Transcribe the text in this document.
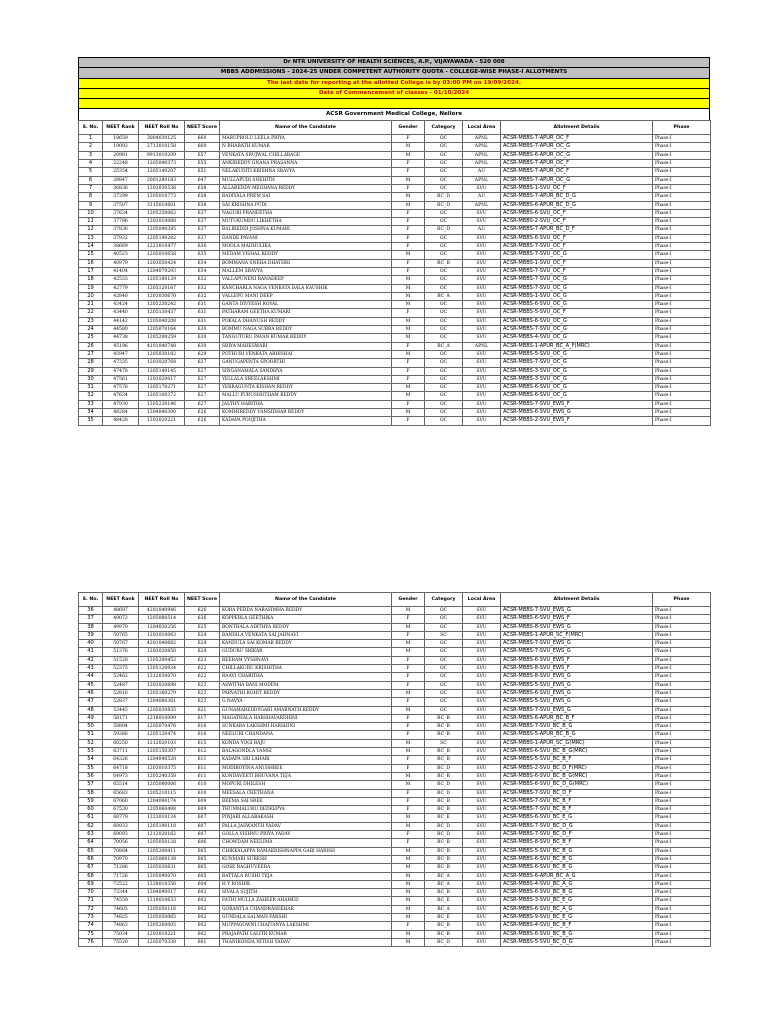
Dr NTR UNIVERSITY OF HEALTH SCIENCES, A.P., VIJAYAWADA - 520 008
MBBS ADDMISSIONS - 2024-25 UNDER COMPETENT AUTHORITY QUOTA - COLLEGE-WISE PHASE-I ALLOTMENTS
The last date for reporting at the allotted College is by 03:00 PM on 19/09/2024.
Date of Commencement of classes - 01/10/2024
ACSR Government Medical College, Nellore
S. No.	NEET Rank	NEET Roll No	NEET Score	Name of the Candidate	Gender	Category	Local Area	Allotment Details	Phase
1	18659	3004030125	660	MARUPROLU LEELA PRIYA	F	OC	APNL	ACSR-MBBS-7-APUR_OC_F	Phase-I
2	19092	2712010158	660	N BHARATH KUMAR	M	OC	APNL	ACSR-MBBS-7-APUR_OC_G	Phase-I
3	20981	9913010209	657	VENKATA SRUJWAL CHILLARAGE	M	OC	APNL	ACSR-MBBS-6-APUR_OC_G	Phase-I
4	22248	1205040373	655	ANKIREDDY GNANA PRASANNA	F	OC	APNL	ACSR-MBBS-7-APUR_OC_F	Phase-I
5	25354	1205140207	651	NELAKUDITI KRISHNA SRAVYA	F	OC	AU	ACSR-MBBS-7-APUR_OC_F	Phase-I
6	28847	2001280183	647	MULLAPUDI SNEHITH	M	OC	APNL	ACSR-MBBS-7-APUR_OC_G	Phase-I
7	36836	1203030536	638	ALLAREDDY MEGHANA REDDY	F	OC	SVU	ACSR-MBBS-1-SVU_OC_F	Phase-I
8	37299	1205010773	638	BADIYALA PREM SAI	M	BC_D	AU	ACSR-MBBS-7-APUR_BC_D_G	Phase-I
9	37507	3115010601	638	SAI KRISHNA PUDI	M	BC_D	APNL	ACSR-MBBS-6-APUR_BC_D_G	Phase-I
10	37634	1205250062	637	NAGURI PRANEETHA	F	OC	SVU	ACSR-MBBS-6-SVU_OC_F	Phase-I
11	37796	1203010088	637	MUTUKUMDU LIKHETHA	F	OC	SVU	ACSR-MBBS-2-SVU_OC_F	Phase-I
12	37836	1205040385	637	BALIREDDI JOSHNA KUMARI	F	BC_D	AU	ACSR-MBBS-7-APUR_BC_D_F	Phase-I
13	37932	1205190282	637	DANDE PAVANI	F	OC	SVU	ACSR-MBBS-6-SVU_OC_F	Phase-I
14	38669	1223010477	636	MOOLA MADHULIKA	F	OC	SVU	ACSR-MBBS-7-SVU_OC_F	Phase-I
15	40523	1205010658	635	MEDAM VISHAL REDDY	M	OC	SVU	ACSR-MBBS-7-SVU_OC_G	Phase-I
16	40979	1203050424	634	BOMMANA SNEHA DHATHRI	F	BC_B	SVU	ACSR-MBBS-1-SVU_OC_F	Phase-I
17	41404	1204070293	634	MALLEM SRAVYA	F	OC	SVU	ACSR-MBBS-7-SVU_OC_F	Phase-I
18	42533	1205180129	632	VALLAPUNENI RANADEEP	M	OC	SVU	ACSR-MBBS-7-SVU_OC_G	Phase-I
19	42779	1205120167	632	KANCHARLA NAGA VENKATA BALA KAUSHIK	M	OC	SVU	ACSR-MBBS-7-SVU_OC_G	Phase-I
20	42840	1203030670	632	VALLEPU MANI DEEP	M	BC_A	SVU	ACSR-MBBS-1-SVU_OC_G	Phase-I
21	43424	1205230242	631	GANTA DIVYESH ROYAL	M	OC	SVU	ACSR-MBBS-6-SVU_OC_G	Phase-I
22	43440	1205130437	631	PATHARAM GEETHA KUMARI	F	OC	SVU	ACSR-MBBS-5-SVU_OC_F	Phase-I
23	44142	1205040208	631	POKALA DHANUSH REDDY	M	OC	SVU	ACSR-MBBS-6-SVU_OC_G	Phase-I
24	44580	1205070164	630	BOMMU NAGA SUBBA REDDY	M	OC	SVU	ACSR-MBBS-7-SVU_OC_G	Phase-I
25	44738	1205200259	630	TANGUTURU PAVAN KUMAR REDDY	M	OC	SVU	ACSR-MBBS-4-SVU_OC_G	Phase-I
26	45196	4101040748	630	SRIYA MAHESWARI	F	BC_A	APNL	ACSR-MBBS-1-APUR_BC_A_F(MRC)	Phase-I
27	45947	1205030182	629	POTHURI VENKATA ABHISHAI	M	OC	SVU	ACSR-MBBS-5-SVU_OC_G	Phase-I
28	47335	1203020768	627	GANUGAPENTA SPOORTHI	F	OC	SVU	ACSR-MBBS-7-SVU_OC_G	Phase-I
29	47478	1205140145	627	SINGANAMALA SANDHYA	F	OC	SVU	ACSR-MBBS-3-SVU_OC_G	Phase-I
30	47561	1203020017	627	YELLALA SREELAKSHMI	F	OC	SVU	ACSR-MBBS-3-SVU_OC_G	Phase-I
31	47576	1205170271	627	YERRAGUNTA KISHAN REDDY	M	OC	SVU	ACSR-MBBS-6-SVU_OC_G	Phase-I
32	47634	1205100372	627	MALLU PURUSHOTHAM REDDY	M	OC	SVU	ACSR-MBBS-6-SVU_OC_G	Phase-I
33	47930	1205230146	627	JASTHY HARITHA	F	OC	SVU	ACSR-MBBS-7-SVU_EWS_F	Phase-I
34	48284	1204040300	626	KOMMIREDDY VAMSIDHAR REDDY	M	OC	SVU	ACSR-MBBS-6-SVU_EWS_G	Phase-I
35	48428	1203020221	626	KADAPA POOJITHA	F	OC	SVU	ACSR-MBBS-2-SVU_EWS_F	Phase-I
S. No.	NEET Rank	NEET Roll No	NEET Score	Name of the Candidate	Gender	Category	Local Area	Allotment Details	Phase
36	48697	4201040946	626	KORA PEDDA NARASIMHA REDDY	M	OC	SVU	ACSR-MBBS-7-SVU_EWS_G	Phase-I
37	49072	1205080514	626	KOPPERLA GEETHIKA	F	OC	SVU	ACSR-MBBS-6-SVU_EWS_F	Phase-I
38	49979	1204030256	625	BONTHALA ADITHYA REDDY	M	OC	SVU	ACSR-MBBS-8-SVU_EWS_G	Phase-I
39	50765	1203010063	624	BANDILA VENKATA SAI JAHNAVI	F	SC	SVU	ACSR-MBBS-1-APUR_SC_F(MRC)	Phase-I
40	50767	4201040682	624	KANDULA SAI KOMAR REDDY	M	OC	SVU	ACSR-MBBS-7-SVU_EWS_G	Phase-I
41	51376	1203020850	624	GUDURU SRIKAR	M	OC	SVU	ACSR-MBBS-7-SVU_EWS_G	Phase-I
42	51528	1205200452	623	BEERAM VYSHNAVI	F	OC	SVU	ACSR-MBBS-6-SVU_EWS_F	Phase-I
43	52375	1205120034	622	CHILLAKURU KRISHITHA	F	OC	SVU	ACSR-MBBS-8-SVU_EWS_F	Phase-I
44	52462	1212030070	622	RAAVI CHARITHA	F	OC	SVU	ACSR-MBBS-8-SVU_EWS_G	Phase-I
45	52487	1203020698	622	ASWITHA BANI MODEM	F	OC	SVU	ACSR-MBBS-5-SVU_EWS_G	Phase-I
46	52816	1205160279	622	PARVATHI ROHIT REDDY	M	OC	SVU	ACSR-MBBS-6-SVU_EWS_G	Phase-I
47	52837	1204080361	622	G NAVYA	F	OC	SVU	ACSR-MBBS-5-SVU_EWS_G	Phase-I
48	53445	1205030835	621	GUNAMAREDDYGARI AMARNATH REDDY	M	OC	SVU	ACSR-MBBS-7-SVU_EWS_G	Phase-I
49	58171	1218010099	617	MAGATHALA HARSHAVARDHINI	F	BC_B	SVU	ACSR-MBBS-6-APUR_BC_B_F	Phase-I
50	58894	1205070476	616	SUNKARA LAKSHMI HARSHINI	F	BC_B	SVU	ACSR-MBBS-7-SVU_BC_B_G	Phase-I
51	59386	1205120474	616	NEELURI CHANDANA	F	BC_B	SVU	ACSR-MBBS-5-APUR_BC_B_G	Phase-I
52	60250	1212020103	615	KONDA YOGI RAJU	M	SC	SVU	ACSR-MBBS-1-APUR_SC_G(MRC)	Phase-I
53	63711	1205150307	612	BALAGONDLA VAMSI	M	BC_B	SVU	ACSR-MBBS-6-SVU_BC_B_G(MRC)	Phase-I
54	64326	1204040528	611	KADAPA SRI LAHARI	F	BC_B	SVU	ACSR-MBBS-5-SVU_BC_B_F	Phase-I
55	64718	1203010375	611	MODIBOYINA ANUSHREE	F	BC_D	SVU	ACSR-MBBS-2-SVU_BC_D_F(MRC)	Phase-I
56	64973	1205240358	611	KONDAVEETI BHUVANA TEJA	M	BC_B	SVU	ACSR-MBBS-6-SVU_BC_B_G(MRC)	Phase-I
57	65514	1205080006	610	MOPURI DHILESH	M	BC_D	SVU	ACSR-MBBS-6-SVU_BC_D_G(MRC)	Phase-I
58	65683	1205210115	610	MEESALA CHETHANA	F	BC_D	SVU	ACSR-MBBS-7-SVU_BC_D_F	Phase-I
59	67060	1204090174	609	BEEMA SAI SREE	F	BC_B	SVU	ACSR-MBBS-7-SVU_BC_B_F	Phase-I
60	67530	1205060498	609	THUMMALURU DEDEEPYA	F	BC_B	SVU	ACSR-MBBS-7-SVU_BC_B_F	Phase-I
61	68779	1223010124	607	PINJARI ALLABAKASH	M	BC_E	SVU	ACSR-MBBS-6-SVU_BC_E_G	Phase-I
62	68933	1205190118	607	PALLA JASWANTH YADAV	M	BC_D	SVU	ACSR-MBBS-7-SVU_BC_D_G	Phase-I
63	69093	1212020162	607	GOLLA VISHNU PRIYA YADAV	F	BC_D	SVU	ACSR-MBBS-7-SVU_BC_D_F	Phase-I
64	70056	1205050128	606	CHOWDAM NEELIMA	F	BC_B	SVU	ACSR-MBBS-8-SVU_BC_B_F	Phase-I
65	70884	1205200411	605	CHIKKALAPPA RAMAKRISHNAPPA GARI HARISH	M	BC_B	SVU	ACSR-MBBS-5-SVU_BC_B_G	Phase-I
66	70970	1205060138	605	KUNMARI SURESH	M	BC_B	SVU	ACSR-MBBS-6-SVU_BC_B_G	Phase-I
67	71286	1205030631	605	GOSE RAGHUVEERA	M	BC_B	SVU	ACSR-MBBS-6-SVU_BC_B_G	Phase-I
68	71726	1205090070	605	BATTALA RUSHI TEJA	M	BC_A	SVU	ACSR-MBBS-6-APUR_BC_A_G	Phase-I
69	72522	1228010356	604	H Y ROSHIK	M	BC_A	SVU	ACSR-MBBS-4-SVU_BC_A_G	Phase-I
70	73344	1204090017	603	SIVALA SUJITH	M	BC_B	SVU	ACSR-MBBS-6-SVU_BC_B_G	Phase-I
71	74559	1219010633	602	FATHI MULLA ZAHEER AHAMED	M	BC_E	SVU	ACSR-MBBS-3-SVU_BC_E_G	Phase-I
72	74605	1205050116	602	GORANTLA CHANDRASEKHAR	M	BC_A	SVU	ACSR-MBBS-6-SVU_BC_A_G	Phase-I
73	74825	1205050065	602	GUNDALA SALMAN FARSHI	M	BC_E	SVU	ACSR-MBBS-9-SVU_BC_E_G	Phase-I
74	74863	1205260005	602	MUPPAGOWNI CHAITANYA LAKSHMI	F	BC_B	SVU	ACSR-MBBS-4-SVU_BC_B_F	Phase-I
75	75034	1203010221	602	PRAJAPATH LALITH KUMAR	M	BC_B	SVU	ACSR-MBBS-6-SVU_BC_B_G	Phase-I
76	75520	1205070338	601	THANIKONDA NITISH YADAV	M	BC_D	SVU	ACSR-MBBS-5-SVU_BC_D_G	Phase-I
